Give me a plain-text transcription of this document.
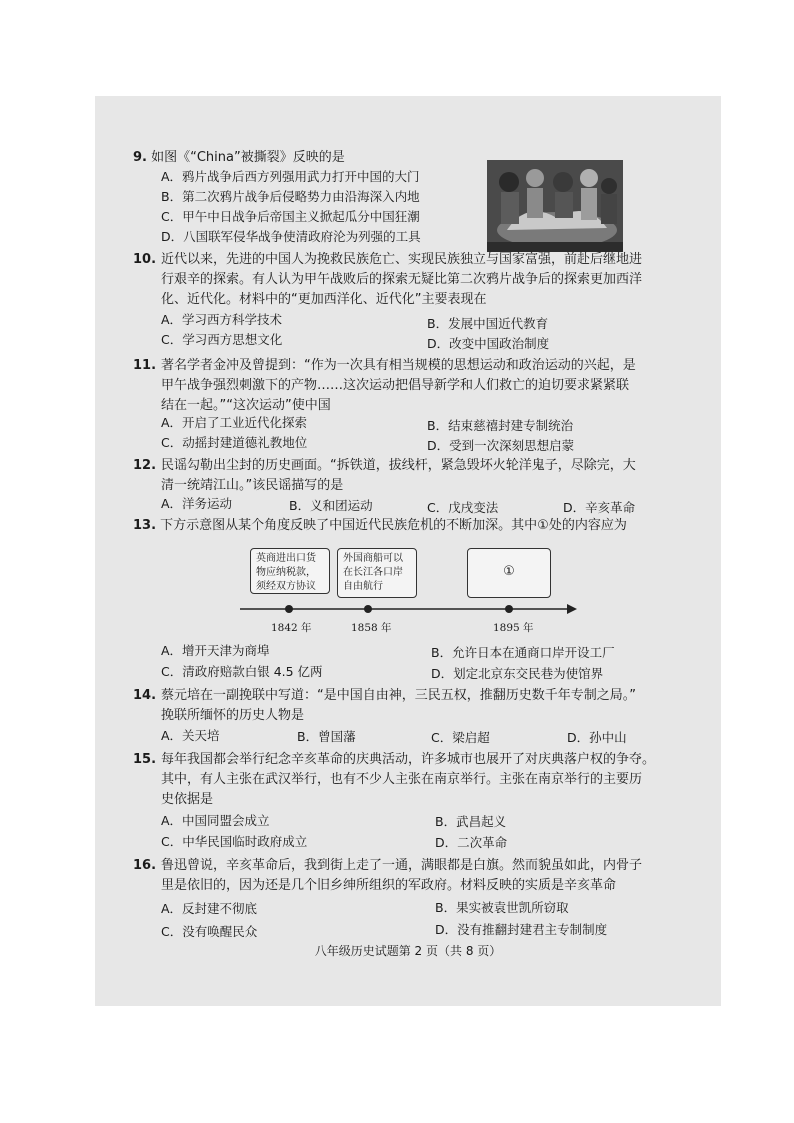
9. 如图《“China”被撕裂》反映的是
A．鸦片战争后西方列强用武力打开中国的大门
B．第二次鸦片战争后侵略势力由沿海深入内地
C．甲午中日战争后帝国主义掀起瓜分中国狂潮
D．八国联军侵华战争使清政府沦为列强的工具
10. 近代以来，先进的中国人为挽救民族危亡、实现民族独立与国家富强，前赴后继地进
行艰辛的探索。有人认为甲午战败后的探索无疑比第二次鸦片战争后的探索更加西洋
化、近代化。材料中的“更加西洋化、近代化”主要表现在
A．学习西方科学技术	B．发展中国近代教育
C．学习西方思想文化	D．改变中国政治制度
11. 著名学者金冲及曾提到：“作为一次具有相当规模的思想运动和政治运动的兴起，是
甲午战争强烈刺激下的产物……这次运动把倡导新学和人们救亡的迫切要求紧紧联
结在一起。”“这次运动”使中国
A．开启了工业近代化探索	B．结束慈禧封建专制统治
C．动摇封建道德礼教地位	D．受到一次深刻思想启蒙
12. 民谣勾勒出尘封的历史画面。“拆铁道，拔线杆，紧急毁坏火轮洋鬼子，尽除完，大
清一统靖江山。”该民谣描写的是
A．洋务运动	B．义和团运动	C．戊戌变法	D．辛亥革命
13. 下方示意图从某个角度反映了中国近代民族危机的不断加深。其中①处的内容应为
英商进出口货
物应纳税款，
须经双方协议
外国商船可以
在长江各口岸
自由航行
①
1842 年	1858 年	1895 年
A．增开天津为商埠	B．允许日本在通商口岸开设工厂
C．清政府赔款白银 4.5 亿两	D．划定北京东交民巷为使馆界
14. 蔡元培在一副挽联中写道：“是中国自由神，三民五权，推翻历史数千年专制之局。”
挽联所缅怀的历史人物是
A．关天培	B．曾国藩	C．梁启超	D．孙中山
15. 每年我国都会举行纪念辛亥革命的庆典活动，许多城市也展开了对庆典落户权的争夺。
其中，有人主张在武汉举行，也有不少人主张在南京举行。主张在南京举行的主要历
史依据是
A．中国同盟会成立	B．武昌起义
C．中华民国临时政府成立	D．二次革命
16. 鲁迅曾说，辛亥革命后，我到街上走了一通，满眼都是白旗。然而貌虽如此，内骨子
里是依旧的，因为还是几个旧乡绅所组织的军政府。材料反映的实质是辛亥革命
A．反封建不彻底	B．果实被袁世凯所窃取
C．没有唤醒民众	D．没有推翻封建君主专制制度
八年级历史试题第 2 页（共 8 页）
